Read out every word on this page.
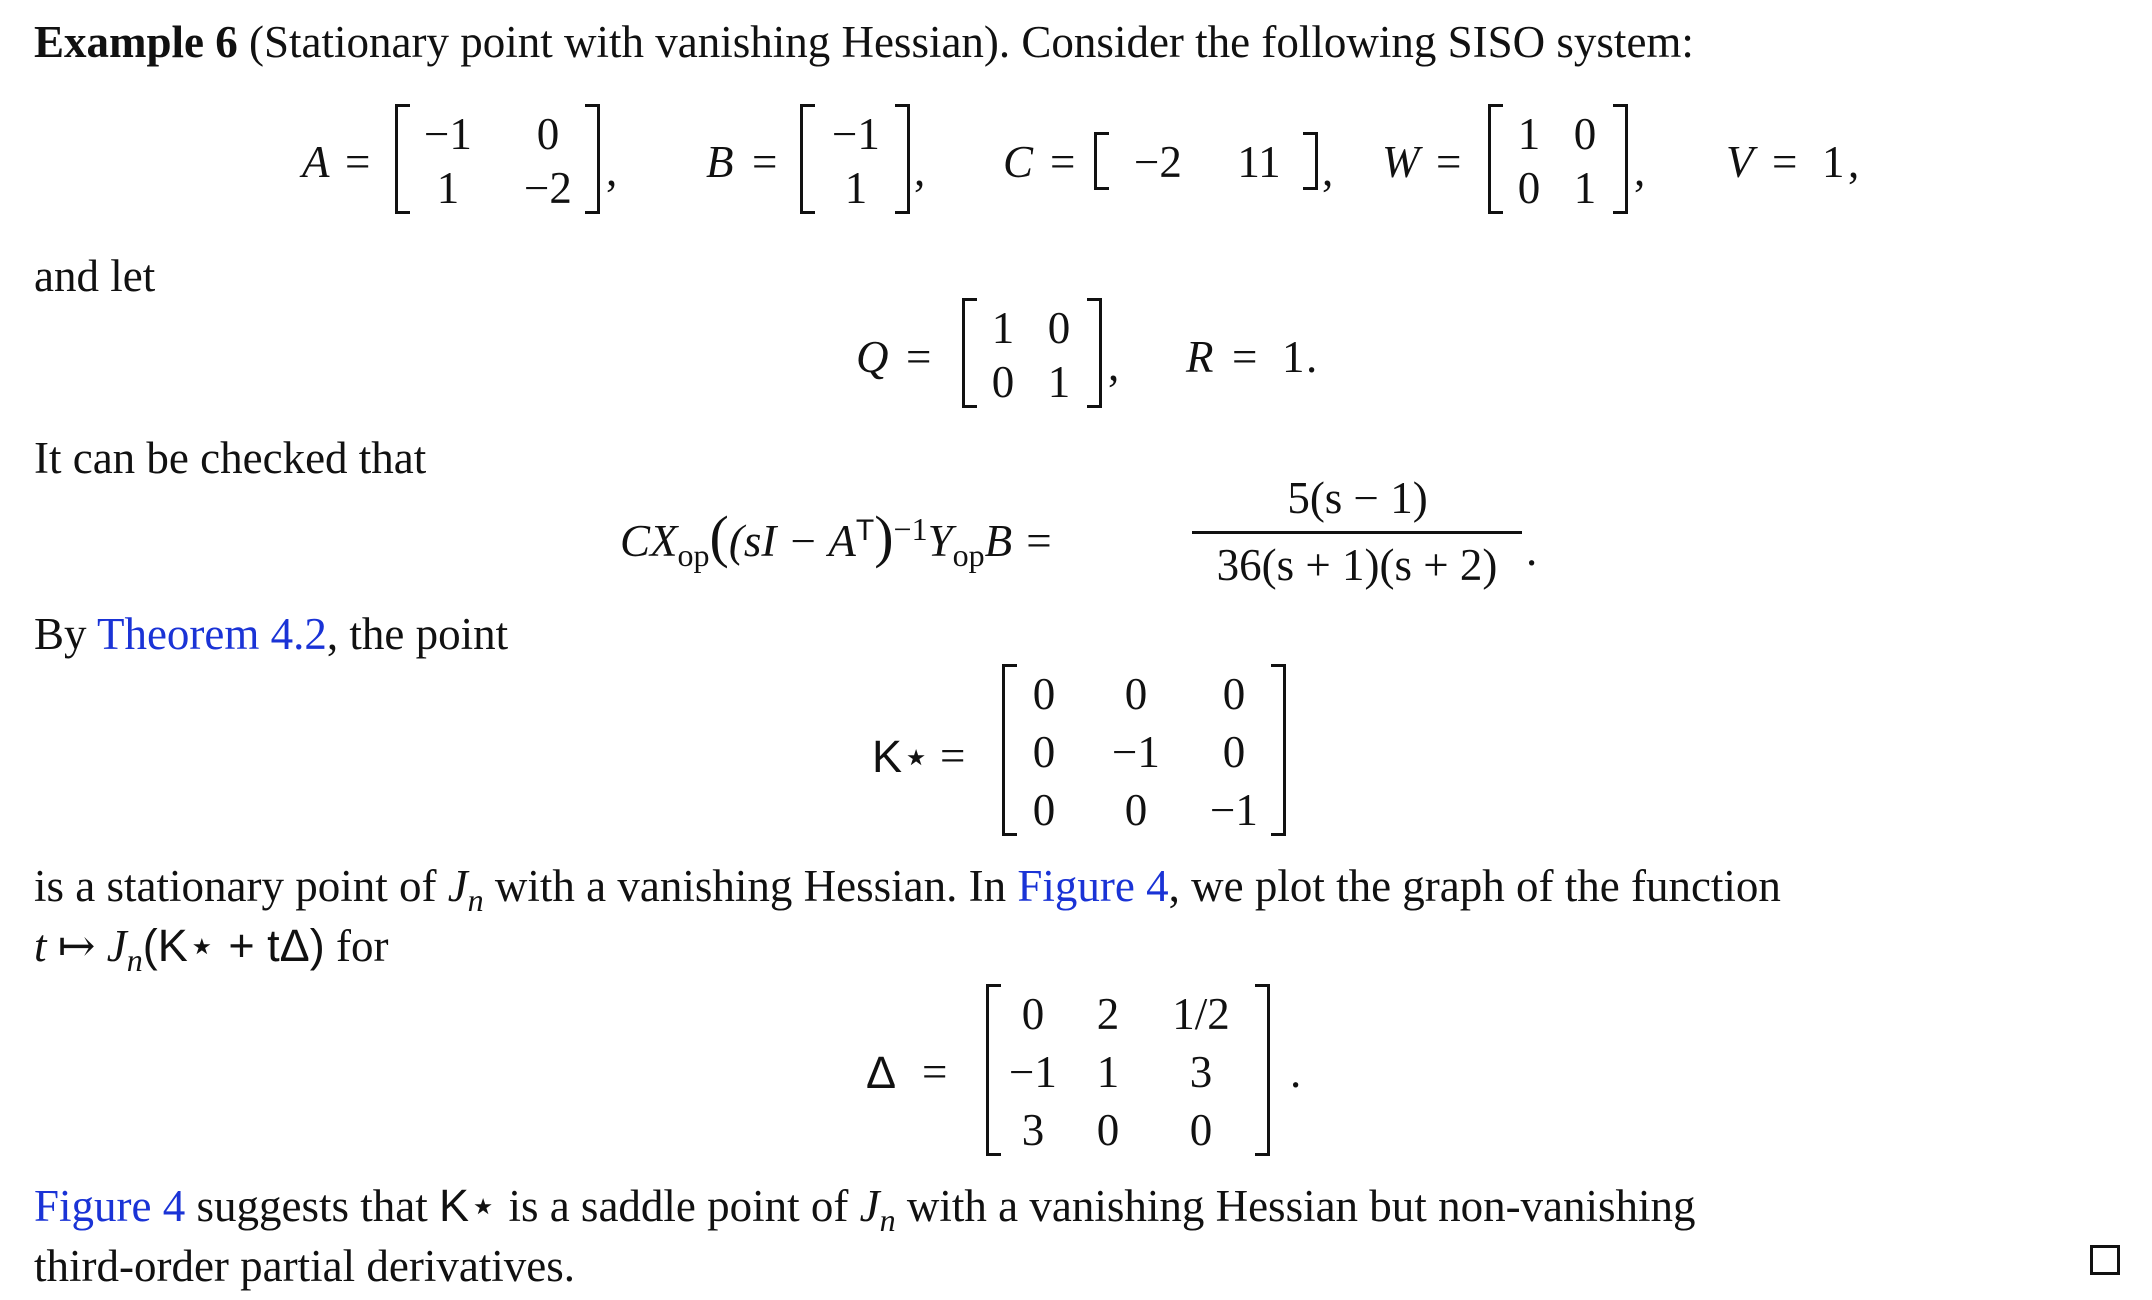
Example 6 (Stationary point with vanishing Hessian). Consider the following SISO system:
A =
−1	0
1	−2 , B =
−1
1	, C =	−2	11 , W =
1 0
0 1 , V = 1 ,
and let
Q =
1 0
0 1 , R = 1 .
It can be checked that
$CX_{op}((sI - A^T)^{-1}Y_{op}B$ =
5(s − 1)
36(s + 1)(s + 2) .
By Theorem 4.2, the point
K⋆ =
0	0	0
0	−1	0
0	0	−1
is a stationary point of $J_n$ with a vanishing Hessian. In Figure 4, we plot the graph of the function
t ↦ $J_n(K⋆ + t\Delta)$ for
Δ =
0	2	1/2
−1 1	3
3	0	0
.
Figure 4 suggests that K⋆ is a saddle point of $J_n$ with a vanishing Hessian but non-vanishing
third-order partial derivatives.
